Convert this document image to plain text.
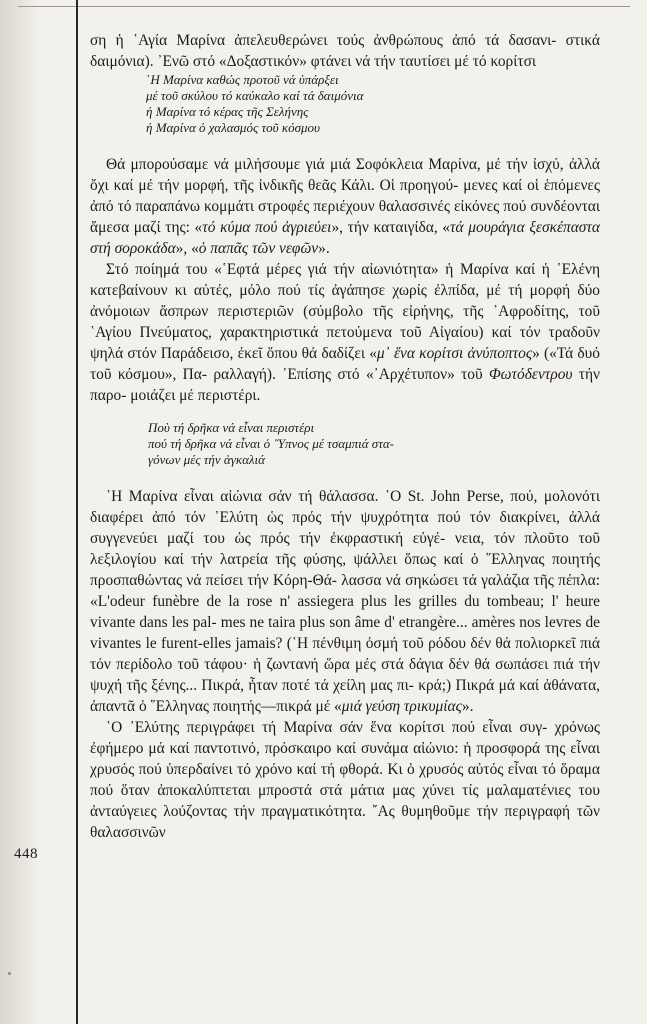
ση ἡ ῾Αγία Μαρίνα ἀπελευθερώνει τούς ἀνθρώπους ἀπό τά δασανι- στικά δαιμόνια). ᾿Ενῶ στό «Δοξαστικόν» φτάνει νά τήν ταυτίσει μέ τό κορίτσι

῾Η Μαρίνα καθώς προτοῦ νά ὑπάρξει
μέ τοῦ σκύλου τό καύκαλο καί τά δαιμόνια
ἡ Μαρίνα τό κέρας τῆς Σελήνης
ἡ Μαρίνα ὁ χαλασμός τοῦ κόσμου

Θά μπορούσαμε νά μιλήσουμε γιά μιά Σοφόκλεια Μαρίνα, μέ τήν ἰσχύ, ἀλλά ὄχι καί μέ τήν μορφή, τῆς ἰνδικῆς θεᾶς Κάλι. Οἱ προηγού- μενες καί οἱ ἑπόμενες ἀπό τό παραπάνω κομμάτι στροφές περιέχουν θαλασσινές εἰκόνες πού συνδέονται ἄμεσα μαζί της: «τό κύμα πού ἀγριεύει», τήν καταιγίδα, «τά μουράγια ξεσκέπαστα στή σοροκάδα», «ὁ παπᾶς τῶν νεφῶν».

Στό ποίημά του «῾Εφτά μέρες γιά τήν αἰωνιότητα» ἡ Μαρίνα καί ἡ ῾Ελένη κατεβαίνουν κι αὐτές, μόλο πού τίς ἀγάπησε χωρίς ἐλπίδα, μέ τή μορφή δύο ἀνόμοιων ἄσπρων περιστεριῶν (σύμβολο τῆς εἰρήνης, τῆς ᾿Αφροδίτης, τοῦ ῾Αγίου Πνεύματος, χαρακτηριστικά πετούμενα τοῦ Αἰγαίου) καί τόν τραδοῦν ψηλά στόν Παράδεισο, ἐκεῖ ὅπου θά δαδίζει «μ᾿ ἕνα κορίτσι ἀνύποπτος» («Τά δυό τοῦ κόσμου», Πα- ραλλαγή). ᾿Επίσης στό «᾿Αρχέτυπον» τοῦ Φωτόδεντρου τήν παρο- μοιάζει μέ περιστέρι.

Ποὺ τή δρῆκα νά εἶναι περιστέρι
πού τή δρῆκα νά εἶναι ὁ ῞Υπνος μέ τσαμπιά στα-
γόνων μές τήν ἀγκαλιά

῾Η Μαρίνα εἶναι αἰώνια σάν τή θάλασσα. ῾Ο St. John Perse, πού, μολονότι διαφέρει ἀπό τόν ᾿Ελύτη ὡς πρός τήν ψυχρότητα πού τόν διακρίνει, ἀλλά συγγενεύει μαζί του ὡς πρός τήν ἐκφραστική εὐγέ- νεια, τόν πλοῦτο τοῦ λεξιλογίου καί τήν λατρεία τῆς φύσης, ψάλλει ὅπως καί ὁ ῞Ελληνας ποιητής προσπαθώντας νά πείσει τήν Κόρη-Θά- λασσα νά σηκώσει τά γαλάζια τῆς πέπλα: «L'odeur funèbre de la rose n' assiegera plus les grilles du tombeau; l' heure vivante dans les pal- mes ne taira plus son âme d' etrangère... amères nos levres de vivantes le furent-elles jamais? (῾Η πένθιμη ὀσμή τοῦ ρόδου δέν θά πολιορκεῖ πιά τόν περίδολο τοῦ τάφου· ἡ ζωντανή ὥρα μές στά δάγια δέν θά σωπάσει πιά τήν ψυχή τῆς ξένης... Πικρά, ἦταν ποτέ τά χείλη μας πι- κρά;) Πικρά μά καί ἀθάνατα, ἀπαντᾶ ὁ ῞Ελληνας ποιητής—πικρά μέ «μιά γεύση τρικυμίας».

῾Ο ᾿Ελύτης περιγράφει τή Μαρίνα σάν ἕνα κορίτσι πού εἶναι συγ- χρόνως ἐφήμερο μά καί παντοτινό, πρόσκαιρο καί συνάμα αἰώνιο: ἡ προσφορά της εἶναι χρυσός πού ὑπερδαίνει τό χρόνο καί τή φθορά. Κι ὁ χρυσός αὐτός εἶναι τό ὅραμα πού ὅταν ἀποκαλύπτεται μπροστά στά μάτια μας χύνει τίς μαλαματένιες του ἀνταύγειες λούζοντας τήν πραγματικότητα. ῎Ας θυμηθοῦμε τήν περιγραφή τῶν θαλασσινῶν

448
